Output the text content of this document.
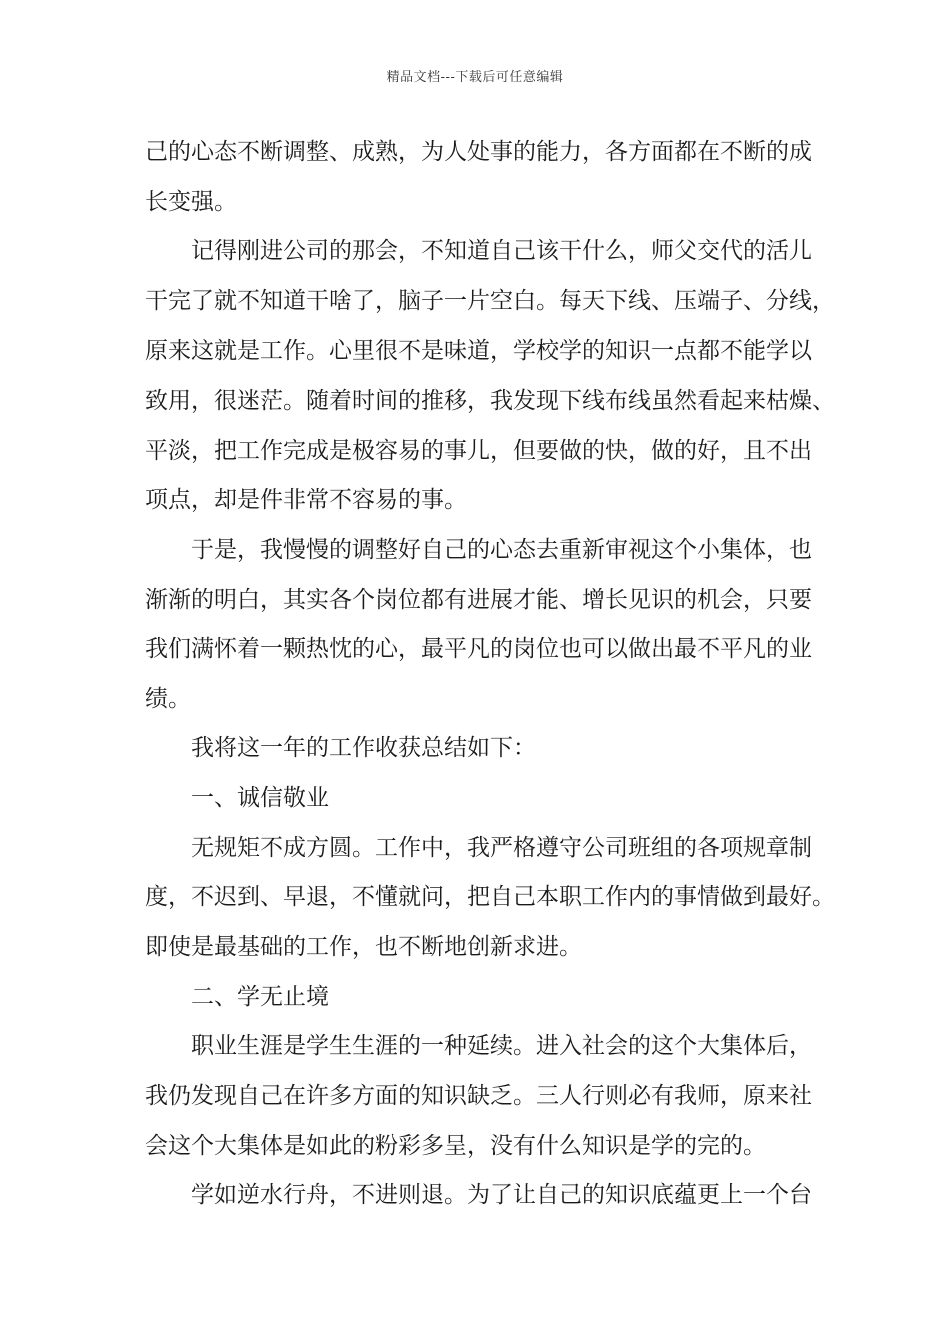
精品文档---下载后可任意编辑
己的心态不断调整、成熟，为人处事的能力，各方面都在不断的成
长变强。
　　记得刚进公司的那会，不知道自己该干什么，师父交代的活儿
干完了就不知道干啥了，脑子一片空白。每天下线、压端子、分线，
原来这就是工作。心里很不是味道，学校学的知识一点都不能学以
致用，很迷茫。随着时间的推移，我发现下线布线虽然看起来枯燥、
平淡，把工作完成是极容易的事儿，但要做的快，做的好，且不出
项点，却是件非常不容易的事。
　　于是，我慢慢的调整好自己的心态去重新审视这个小集体，也
渐渐的明白，其实各个岗位都有进展才能、增长见识的机会，只要
我们满怀着一颗热忱的心，最平凡的岗位也可以做出最不平凡的业
绩。
　　我将这一年的工作收获总结如下：
　　一、诚信敬业
　　无规矩不成方圆。工作中，我严格遵守公司班组的各项规章制
度，不迟到、早退，不懂就问，把自己本职工作内的事情做到最好。
即使是最基础的工作，也不断地创新求进。
　　二、学无止境
　　职业生涯是学生生涯的一种延续。进入社会的这个大集体后，
我仍发现自己在许多方面的知识缺乏。三人行则必有我师，原来社
会这个大集体是如此的粉彩多呈，没有什么知识是学的完的。
　　学如逆水行舟，不进则退。为了让自己的知识底蕴更上一个台
